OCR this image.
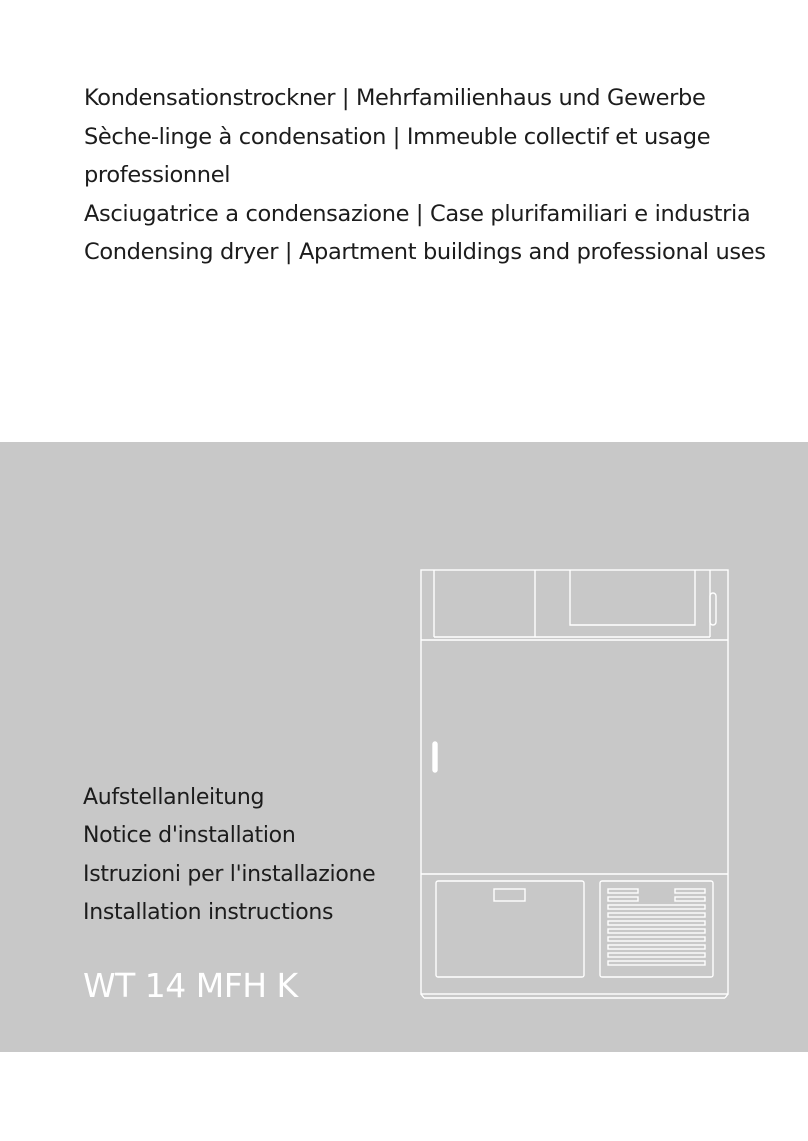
Kondensationstrockner | Mehrfamilienhaus und Gewerbe
Sèche-linge à condensation | Immeuble collectif et usage
professionnel
Asciugatrice a condensazione | Case plurifamiliari e industria
Condensing dryer | Apartment buildings and professional uses
Aufstellanleitung
Notice d'installation
Istruzioni per l'installazione
Installation instructions
WT 14 MFH K
